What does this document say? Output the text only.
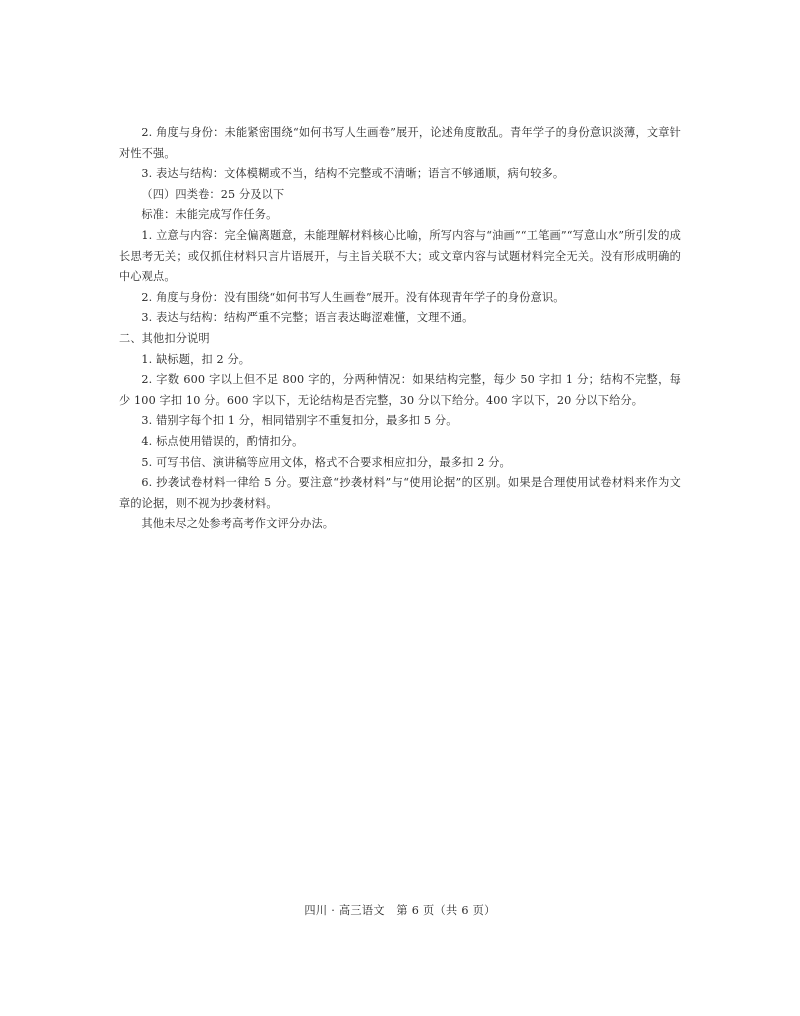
2. 角度与身份：未能紧密围绕“如何书写人生画卷”展开，论述角度散乱。青年学子的身份意识淡薄，文章针对性不强。

3. 表达与结构：文体模糊或不当，结构不完整或不清晰；语言不够通顺，病句较多。

（四）四类卷：25 分及以下

标准：未能完成写作任务。

1. 立意与内容：完全偏离题意，未能理解材料核心比喻，所写内容与“油画”“工笔画”“写意山水”所引发的成长思考无关；或仅抓住材料只言片语展开，与主旨关联不大；或文章内容与试题材料完全无关。没有形成明确的中心观点。

2. 角度与身份：没有围绕“如何书写人生画卷”展开。没有体现青年学子的身份意识。

3. 表达与结构：结构严重不完整；语言表达晦涩难懂，文理不通。

二、其他扣分说明

1. 缺标题，扣 2 分。

2. 字数 600 字以上但不足 800 字的，分两种情况：如果结构完整，每少 50 字扣 1 分；结构不完整，每少 100 字扣 10 分。600 字以下，无论结构是否完整，30 分以下给分。400 字以下，20 分以下给分。

3. 错别字每个扣 1 分，相同错别字不重复扣分，最多扣 5 分。

4. 标点使用错误的，酌情扣分。

5. 可写书信、演讲稿等应用文体，格式不合要求相应扣分，最多扣 2 分。

6. 抄袭试卷材料一律给 5 分。要注意“抄袭材料”与“使用论据”的区别。如果是合理使用试卷材料来作为文章的论据，则不视为抄袭材料。

其他未尽之处参考高考作文评分办法。

四川 · 高三语文　第 6 页（共 6 页）
